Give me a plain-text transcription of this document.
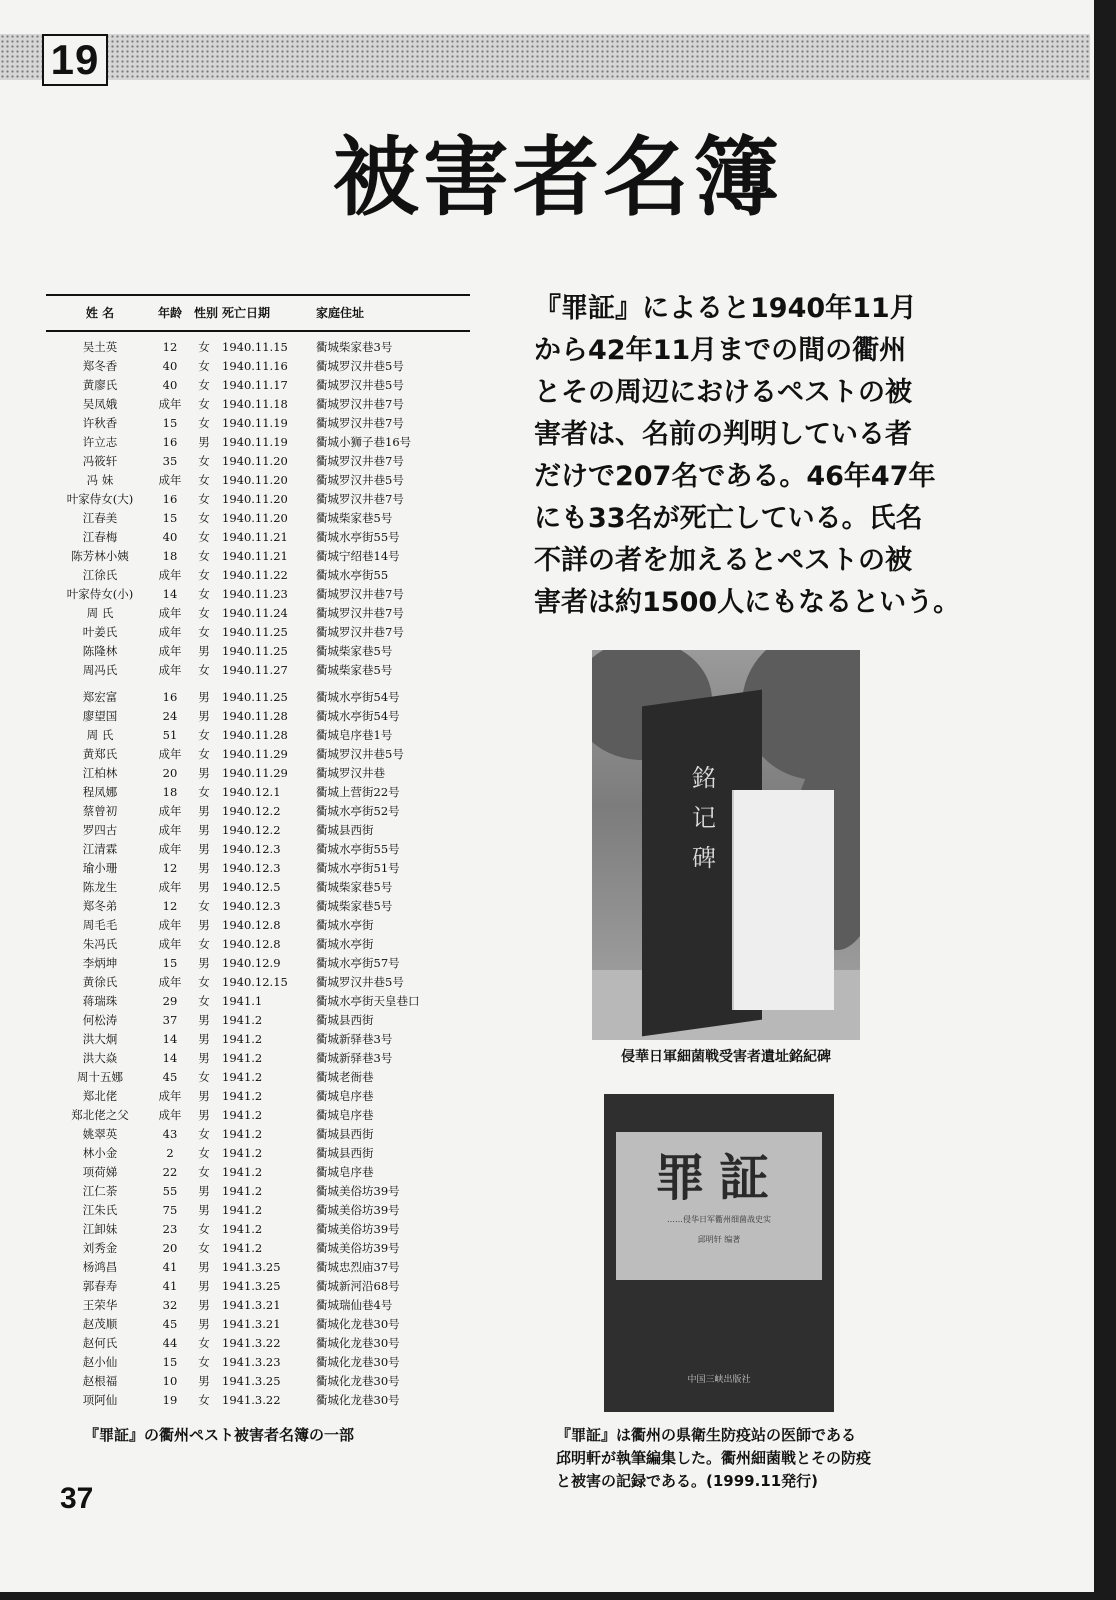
19
被害者名簿
姓 名	年龄	性别 死亡日期	家庭住址
吴土英	12	女	1940.11.15	衢城柴家巷3号
郑冬香	40	女	1940.11.16	衢城罗汉井巷5号
黄廖氏	40	女	1940.11.17	衢城罗汉井巷5号
吴凤娥	成年	女	1940.11.18	衢城罗汉井巷7号
许秋香	15	女	1940.11.19	衢城罗汉井巷7号
许立志	16	男	1940.11.19	衢城小狮子巷16号
冯筱轩	35	女	1940.11.20	衢城罗汉井巷7号
冯 妹	成年	女	1940.11.20	衢城罗汉井巷5号
叶家侍女(大)	16	女	1940.11.20	衢城罗汉井巷7号
江春美	15	女	1940.11.20	衢城柴家巷5号
江春梅	40	女	1940.11.21	衢城水亭街55号
陈芳林小姨	18	女	1940.11.21	衢城宁绍巷14号
江徐氏	成年	女	1940.11.22	衢城水亭街55
叶家侍女(小)	14	女	1940.11.23	衢城罗汉井巷7号
周 氏	成年	女	1940.11.24	衢城罗汉井巷7号
叶姜氏	成年	女	1940.11.25	衢城罗汉井巷7号
陈隆林	成年	男	1940.11.25	衢城柴家巷5号
周冯氏	成年	女	1940.11.27	衢城柴家巷5号
郑宏富	16	男	1940.11.25	衢城水亭街54号
廖望国	24	男	1940.11.28	衢城水亭街54号
周 氏	51	女	1940.11.28	衢城皂序巷1号
黄郑氏	成年	女	1940.11.29	衢城罗汉井巷5号
江柏林	20	男	1940.11.29	衢城罗汉井巷
程凤娜	18	女	1940.12.1	衢城上营街22号
蔡曾初	成年	男	1940.12.2	衢城水亭街52号
罗四古	成年	男	1940.12.2	衢城县西街
江清霖	成年	男	1940.12.3	衢城水亭街55号
瑜小珊	12	男	1940.12.3	衢城水亭街51号
陈龙生	成年	男	1940.12.5	衢城柴家巷5号
郑冬弟	12	女	1940.12.3	衢城柴家巷5号
周毛毛	成年	男	1940.12.8	衢城水亭街
朱冯氏	成年	女	1940.12.8	衢城水亭街
李炳坤	15	男	1940.12.9	衢城水亭街57号
黄徐氏	成年	女	1940.12.15	衢城罗汉井巷5号
蒋瑞珠	29	女	1941.1	衢城水亭街天皇巷口
何松涛	37	男	1941.2	衢城县西街
洪大炯	14	男	1941.2	衢城新驿巷3号
洪大焱	14	男	1941.2	衢城新驿巷3号
周十五娜	45	女	1941.2	衢城老衙巷
郑北佬	成年	男	1941.2	衢城皂序巷
郑北佬之父	成年	男	1941.2	衢城皂序巷
姚翠英	43	女	1941.2	衢城县西街
林小金	2	女	1941.2	衢城县西街
项荷娣	22	女	1941.2	衢城皂序巷
江仁荼	55	男	1941.2	衢城美俗坊39号
江朱氏	75	男	1941.2	衢城美俗坊39号
江卸妹	23	女	1941.2	衢城美俗坊39号
刘秀金	20	女	1941.2	衢城美俗坊39号
杨鸿昌	41	男	1941.3.25	衢城忠烈庙37号
郭春寿	41	男	1941.3.25	衢城新河沿68号
王荣华	32	男	1941.3.21	衢城瑞仙巷4号
赵茂顺	45	男	1941.3.21	衢城化龙巷30号
赵何氏	44	女	1941.3.22	衢城化龙巷30号
赵小仙	15	女	1941.3.23	衢城化龙巷30号
赵根福	10	男	1941.3.25	衢城化龙巷30号
项阿仙	19	女	1941.3.22	衢城化龙巷30号
『罪証』の衢州ペスト被害者名簿の一部
37
『罪証』によると1940年11月
から42年11月までの間の衢州
とその周辺におけるペストの被
害者は、名前の判明している者
だけで207名である。46年47年
にも33名が死亡している。氏名
不詳の者を加えるとペストの被
害者は約1500人にもなるという。
銘
记
碑
侵華日軍細菌戦受害者遺址銘紀碑
罪証
……侵华日军衢州细菌战史实
邱明轩 编著
中国三峡出版社
『罪証』は衢州の県衛生防疫站の医師である
邱明軒が執筆編集した。衢州細菌戦とその防疫
と被害の記録である。(1999.11発行)
